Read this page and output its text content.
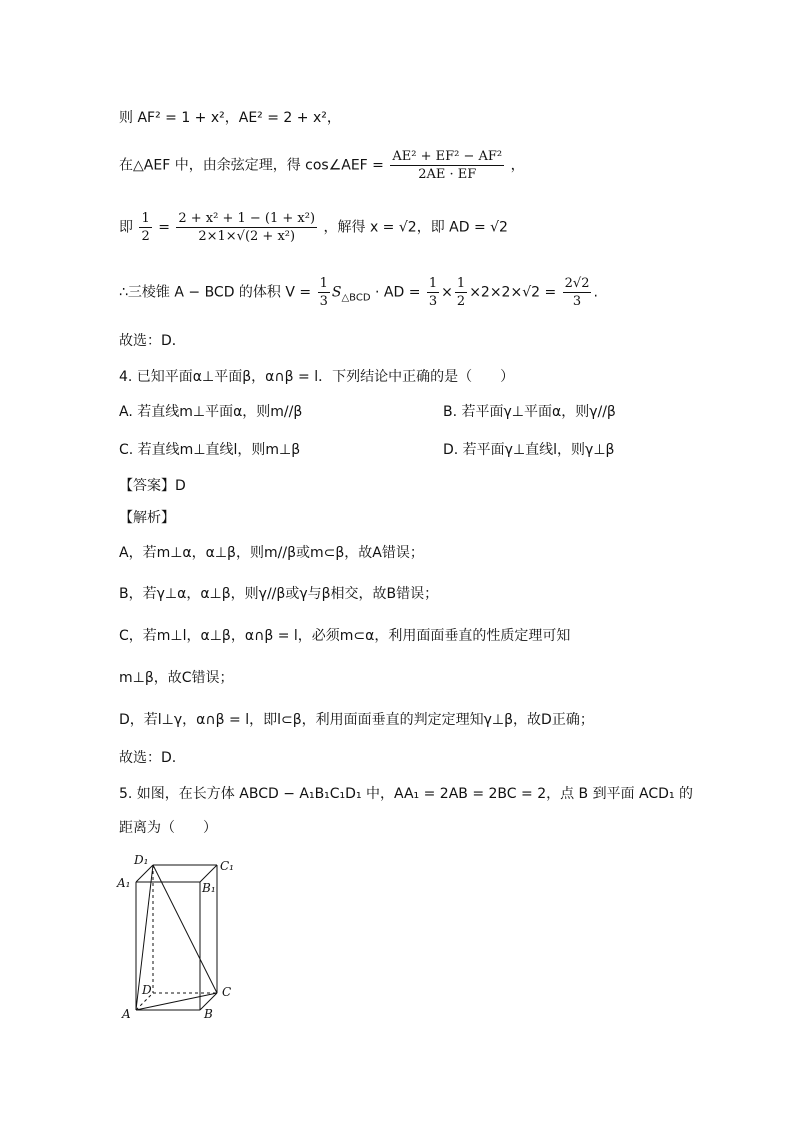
则 AF² = 1 + x²，AE² = 2 + x²，
在△AEF 中，由余弦定理，得 cos∠AEF = $\frac{\text{AE² + EF² − AF²}}{2AE \cdot EF}$ ，
即 $\frac{1}{2} = \frac{\text{2 + x² + 1 − (1 + x²)}}{\text{2×1×√(2 + x²)}}$ ，解得 x = √2，即 AD = √2
∴三棱锥 A − BCD 的体积 $V = \frac{1}{3} S_{\triangle BCD}$ · AD = $\frac{1}{3} \times \frac{1}{2} \times 2\times 2\times√2 = \frac{2√2}{3}$ .
故选：D．
4. 已知平面α⊥平面β，α∩β = l．下列结论中正确的是（　　）
A. 若直线m⊥平面α，则m//β	B. 若平面γ⊥平面α，则γ//β
C. 若直线m⊥直线l，则m⊥β	D. 若平面γ⊥直线l，则γ⊥β
【答案】D
【解析】
A，若m⊥α，α⊥β，则m//β或m⊂β，故A错误；
B，若γ⊥α，α⊥β，则γ//β或γ与β相交，故B错误；
C，若m⊥l，α⊥β，α∩β = l，必须m⊂α，利用面面垂直的性质定理可知
m⊥β，故C错误；
D，若l⊥γ，α∩β = l，即l⊂β，利用面面垂直的判定定理知γ⊥β，故D正确；
故选：D.
5. 如图，在长方体 ABCD − A₁B₁C₁D₁ 中，AA₁ = 2AB = 2BC = 2，点 B 到平面 ACD₁ 的
距离为（　　）
D₁	C₁
A₁	B₁
D	C
A	B
